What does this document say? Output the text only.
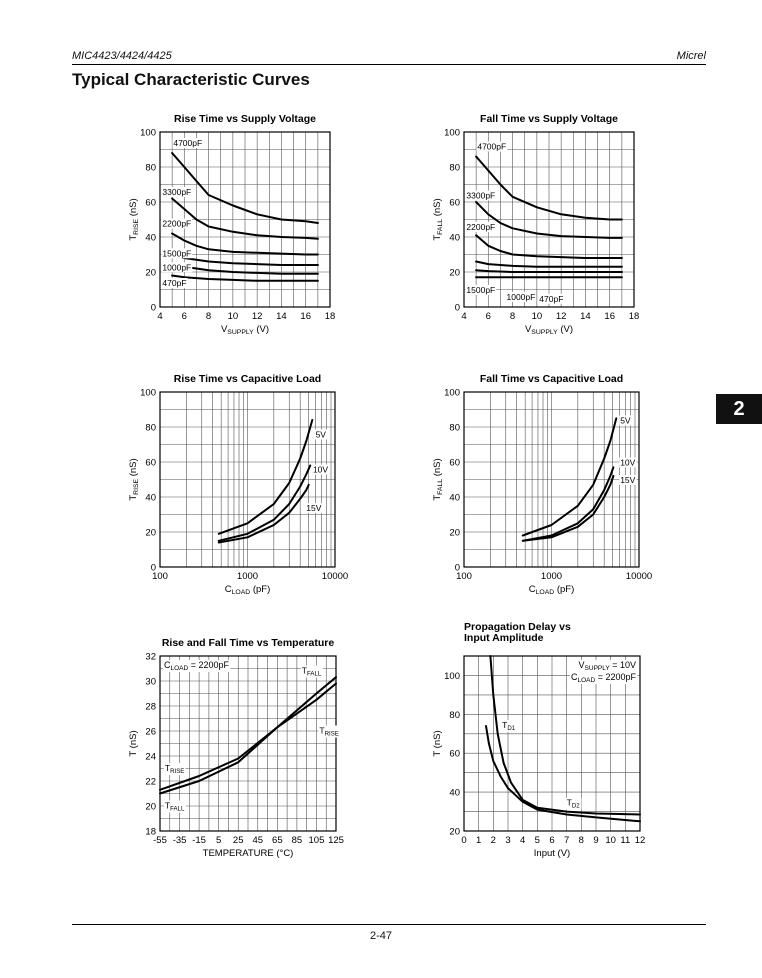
MIC4423/4424/4425	Micrel
Typical Characteristic Curves
2
Rise Time vs Supply Voltage
0
20
40
60
80
100
4 6 8 10 12 14 16 18
$V_{SUPPLY}$ (V)
$T_{RISE}$ (nS)
4700pF
3300pF
2200pF
1500pF
1000pF
470pF
Fall Time vs Supply Voltage
0
20
40
60
80
100
4 6 8 10 12 14 16 18
$V_{SUPPLY}$ (V)
$T_{FALL}$ (nS)
4700pF
3300pF
2200pF
1500pF
1000pF 470pF
Rise Time vs Capacitive Load
0
20
40
60
80
100
100	1000	10000
$C_{LOAD}$ (pF)
$T_{RISE}$ (nS)
5V
10V
15V
Fall Time vs Capacitive Load
0
20
40
60
80
100
100	1000	10000
$C_{LOAD}$ (pF)
$T_{FALL}$ (nS)
5V
10V
15V
Rise and Fall Time vs Temperature
18
20
22
24
26
28
30
32
-55 -35 -15 5 25 45 65 85 105 125
TEMPERATURE (°C)
T (nS)	$T_{RISE}$
$T_{FALL}$
$T_{RISE}$
$T_{FALL}$
$C_{LOAD} = 2200pF$
Propagation Delay vs
Input Amplitude
20
40
60
80
100
0 1 2 3 4 5 6 7 8 9 10 11 12
Input (V)
T (nS)
$T_{D1}$
$T_{D2}$
$V_{SUPPLY} = 10V$
$C_{LOAD} = 2200pF$
2-47
